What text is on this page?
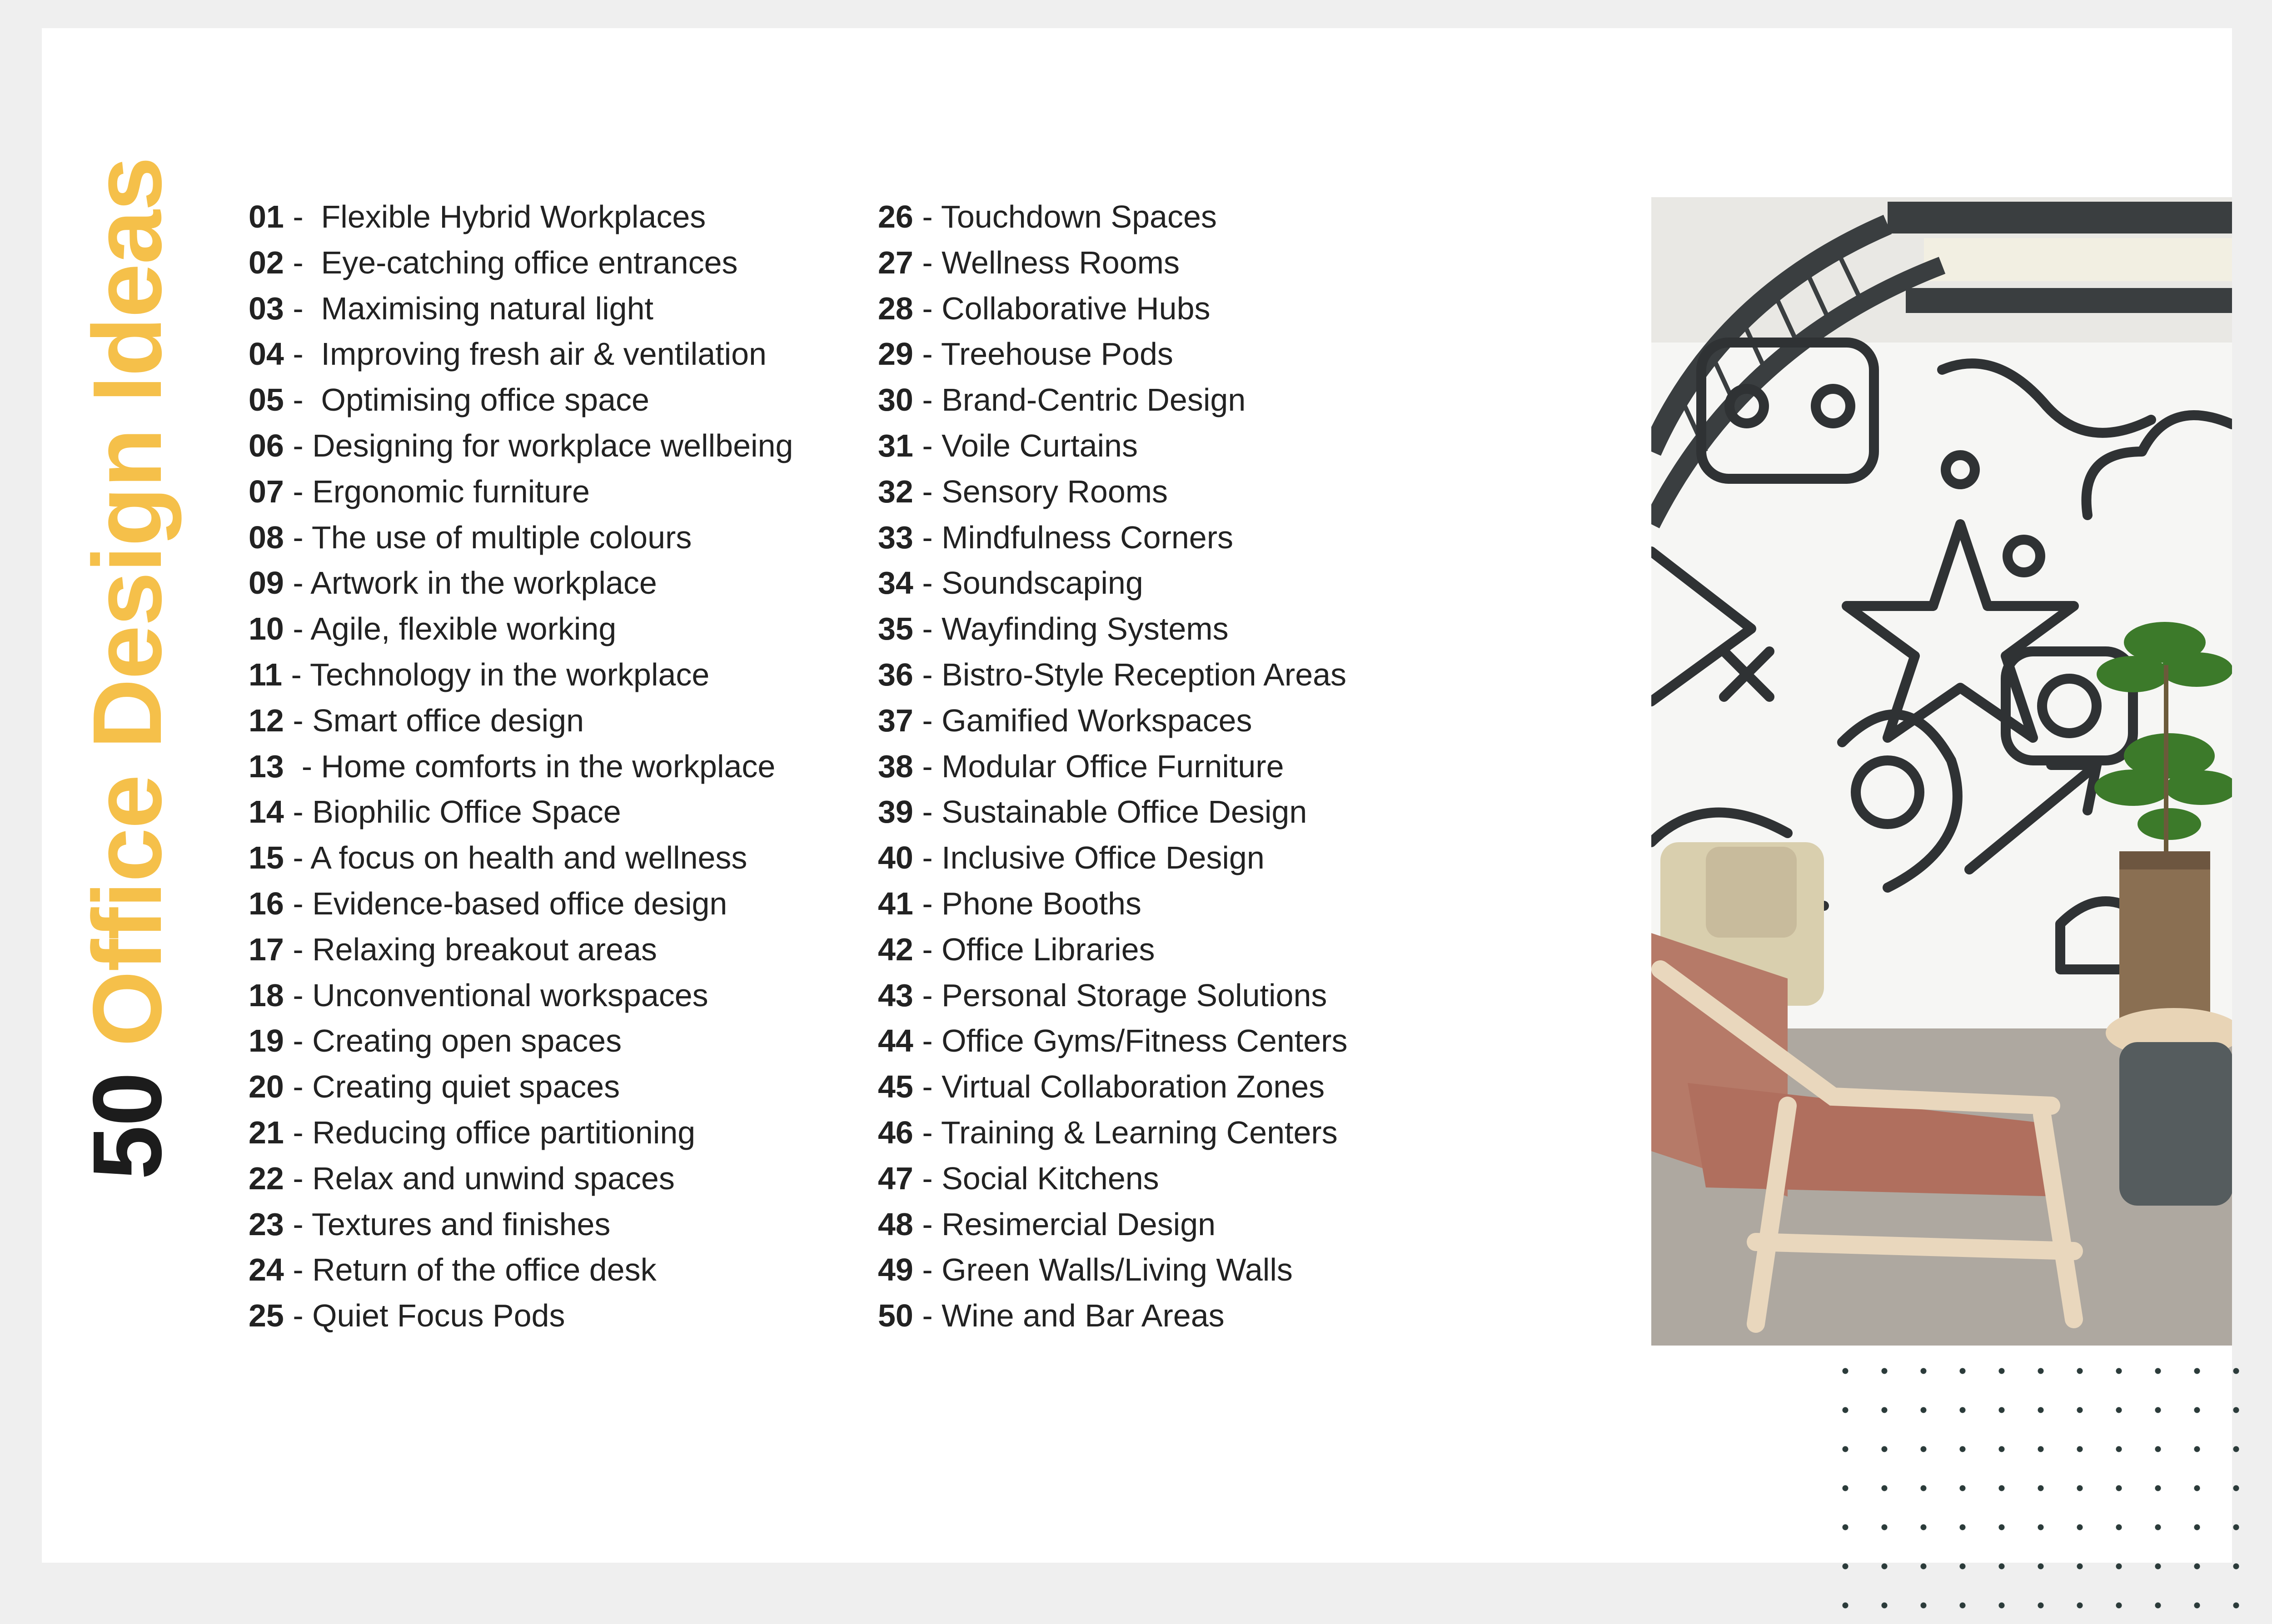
50 Office Design Ideas 01 -  Flexible Hybrid Workplaces
02 -  Eye-catching office entrances
03 -  Maximising natural light
04 -  Improving fresh air & ventilation
05 -  Optimising office space
06 - Designing for workplace wellbeing
07 - Ergonomic furniture
08 - The use of multiple colours
09 - Artwork in the workplace
10 - Agile, flexible working
11 - Technology in the workplace
12 - Smart office design
13  - Home comforts in the workplace
14 - Biophilic Office Space
15 - A focus on health and wellness
16 - Evidence-based office design
17 - Relaxing breakout areas
18 - Unconventional workspaces
19 - Creating open spaces
20 - Creating quiet spaces
21 - Reducing office partitioning
22 - Relax and unwind spaces
23 - Textures and finishes
24 - Return of the office desk
25 - Quiet Focus Pods
26 - Touchdown Spaces
27 - Wellness Rooms
28 - Collaborative Hubs
29 - Treehouse Pods
30 - Brand-Centric Design
31 - Voile Curtains
32 - Sensory Rooms
33 - Mindfulness Corners
34 - Soundscaping
35 - Wayfinding Systems
36 - Bistro-Style Reception Areas
37 - Gamified Workspaces
38 - Modular Office Furniture
39 - Sustainable Office Design
40 - Inclusive Office Design
41 - Phone Booths
42 - Office Libraries
43 - Personal Storage Solutions
44 - Office Gyms/Fitness Centers
45 - Virtual Collaboration Zones
46 - Training & Learning Centers
47 - Social Kitchens
48 - Resimercial Design
49 - Green Walls/Living Walls
50 - Wine and Bar Areas
